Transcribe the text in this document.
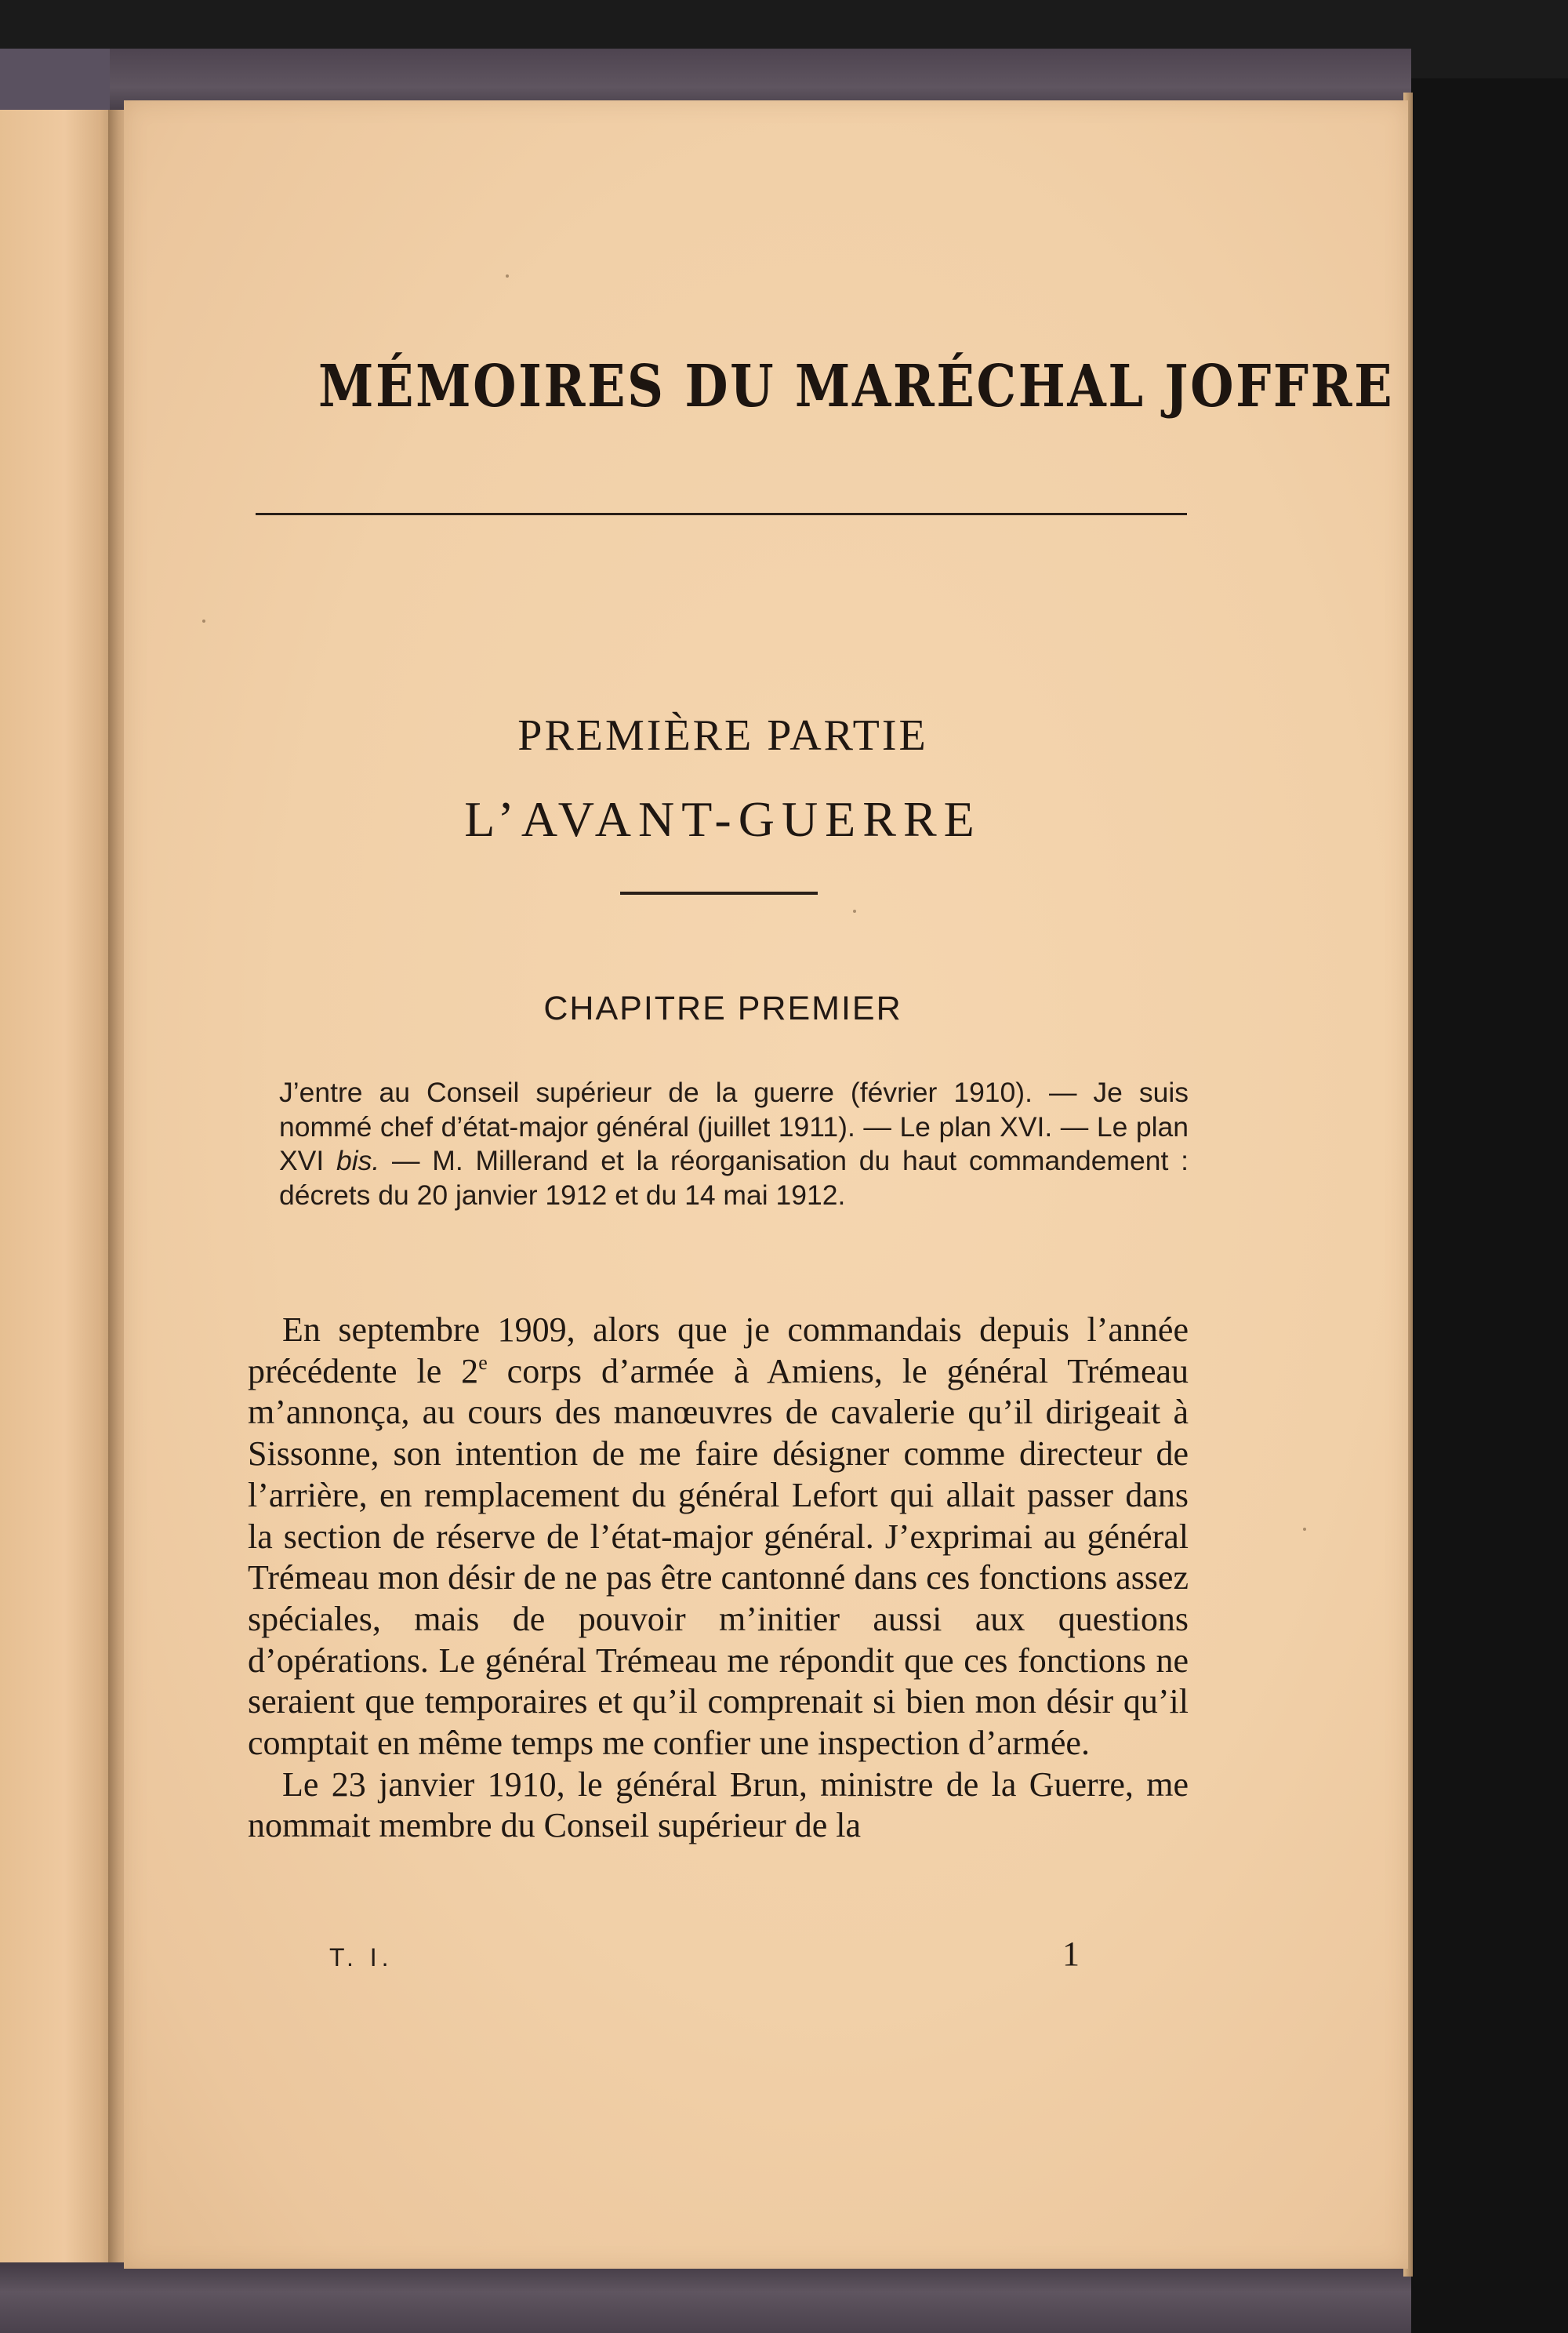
MÉMOIRES DU MARÉCHAL JOFFRE
PREMIÈRE PARTIE
L’AVANT-GUERRE
CHAPITRE PREMIER

J’entre au Conseil supérieur de la guerre (février 1910). — Je suis nommé chef d’état-major général (juillet 1911). — Le plan XVI. — Le plan XVI bis. — M. Millerand et la réorganisation du haut commandement : décrets du 20 janvier 1912 et du 14 mai 1912.

En septembre 1909, alors que je commandais depuis l’année précédente le 2e corps d’armée à Amiens, le général Trémeau m’annonça, au cours des manœuvres de cavalerie qu’il dirigeait à Sissonne, son intention de me faire désigner comme directeur de l’arrière, en remplacement du général Lefort qui allait passer dans la section de réserve de l’état-major général. J’exprimai au général Trémeau mon désir de ne pas être cantonné dans ces fonctions assez spéciales, mais de pouvoir m’initier aussi aux questions d’opérations. Le général Trémeau me répondit que ces fonctions ne seraient que temporaires et qu’il comprenait si bien mon désir qu’il comptait en même temps me confier une inspection d’armée.

Le 23 janvier 1910, le général Brun, ministre de la Guerre, me nommait membre du Conseil supérieur de la

T. I.	1
